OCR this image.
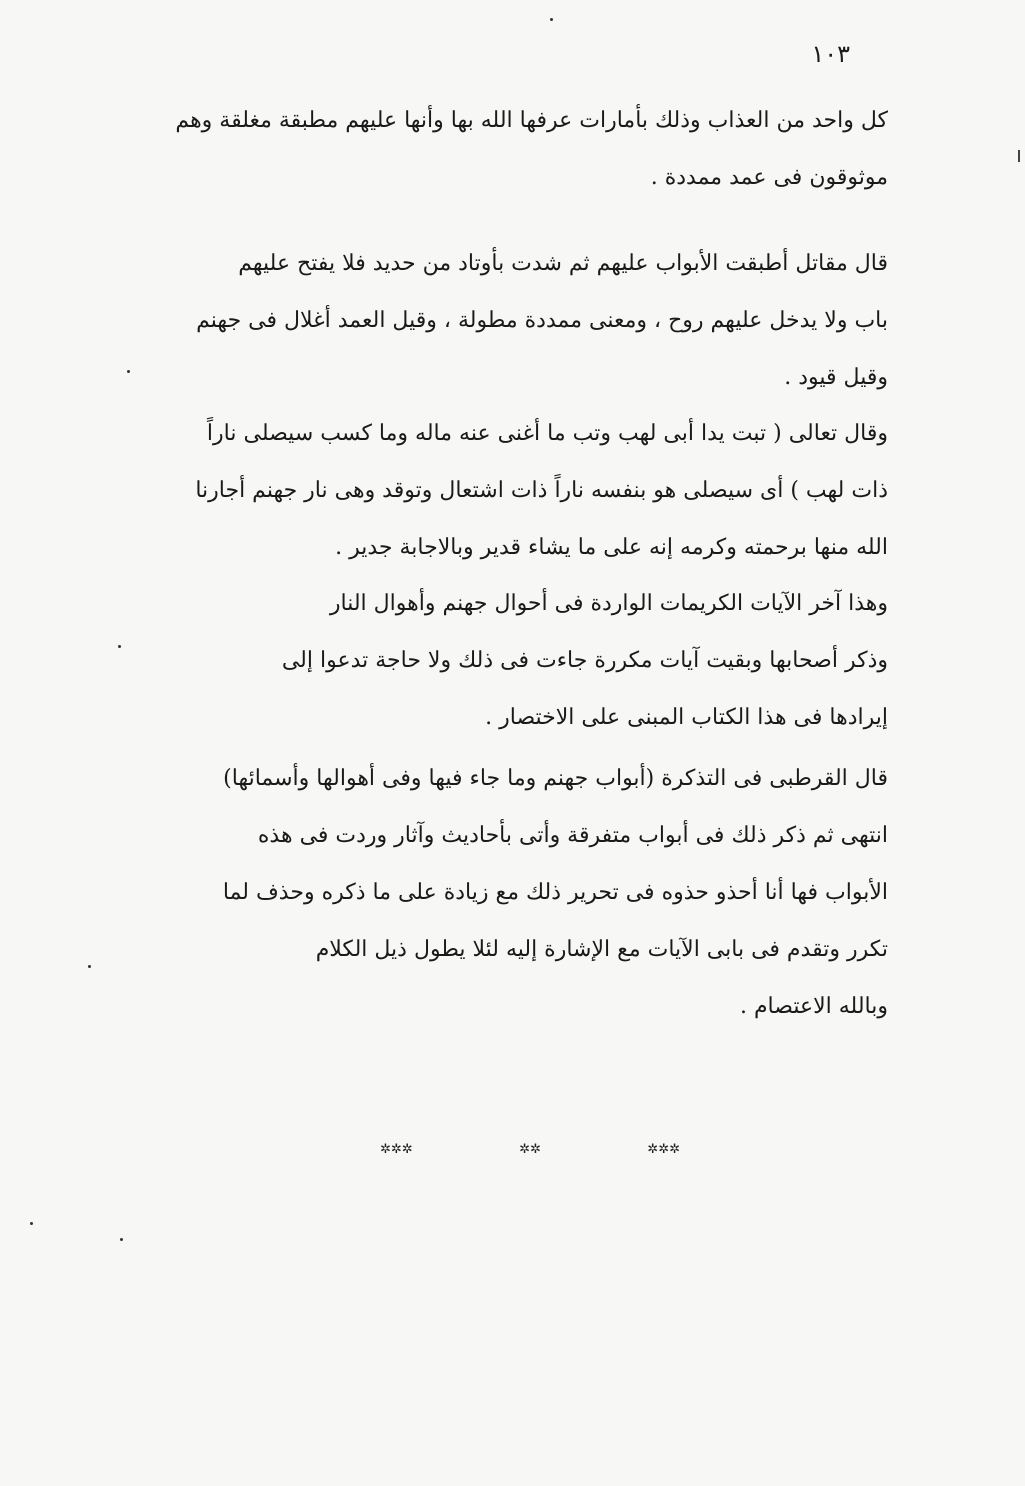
١٠٣

كل واحد من العذاب وذلك بأمارات عرفها الله بها وأنها عليهم مطبقة مغلقة وهم
موثوقون فى عمد ممددة .

قال مقاتل أطبقت الأبواب عليهم ثم شدت بأوتاد من حديد فلا يفتح عليهم
باب ولا يدخل عليهم روح ، ومعنى ممددة مطولة ، وقيل العمد أغلال فى جهنم
وقيل قيود .

وقال تعالى ( تبت يدا أبى لهب وتب ما أغنى عنه ماله وما كسب سيصلى ناراً
ذات لهب ) أى سيصلى هو بنفسه ناراً ذات اشتعال وتوقد وهى نار جهنم أجارنا
الله منها برحمته وكرمه إنه على ما يشاء قدير وبالاجابة جدير .

وهذا آخر الآيات الكريمات الواردة فى أحوال جهنم وأهوال النار
وذكر أصحابها وبقيت آيات مكررة جاءت فى ذلك ولا حاجة تدعوا إلى
إيرادها فى هذا الكتاب المبنى على الاختصار .

قال القرطبى فى التذكرة (أبواب جهنم وما جاء فيها وفى أهوالها وأسمائها)
انتهى ثم ذكر ذلك فى أبواب متفرقة وأتى بأحاديث وآثار وردت فى هذه
الأبواب فها أنا أحذو حذوه فى تحرير ذلك مع زيادة على ما ذكره وحذف لما
تكرر وتقدم فى بابى الآيات مع الإشارة إليه لئلا يطول ذيل الكلام
وبالله الاعتصام .

✲✲✲	✲✲	✲✲✲
